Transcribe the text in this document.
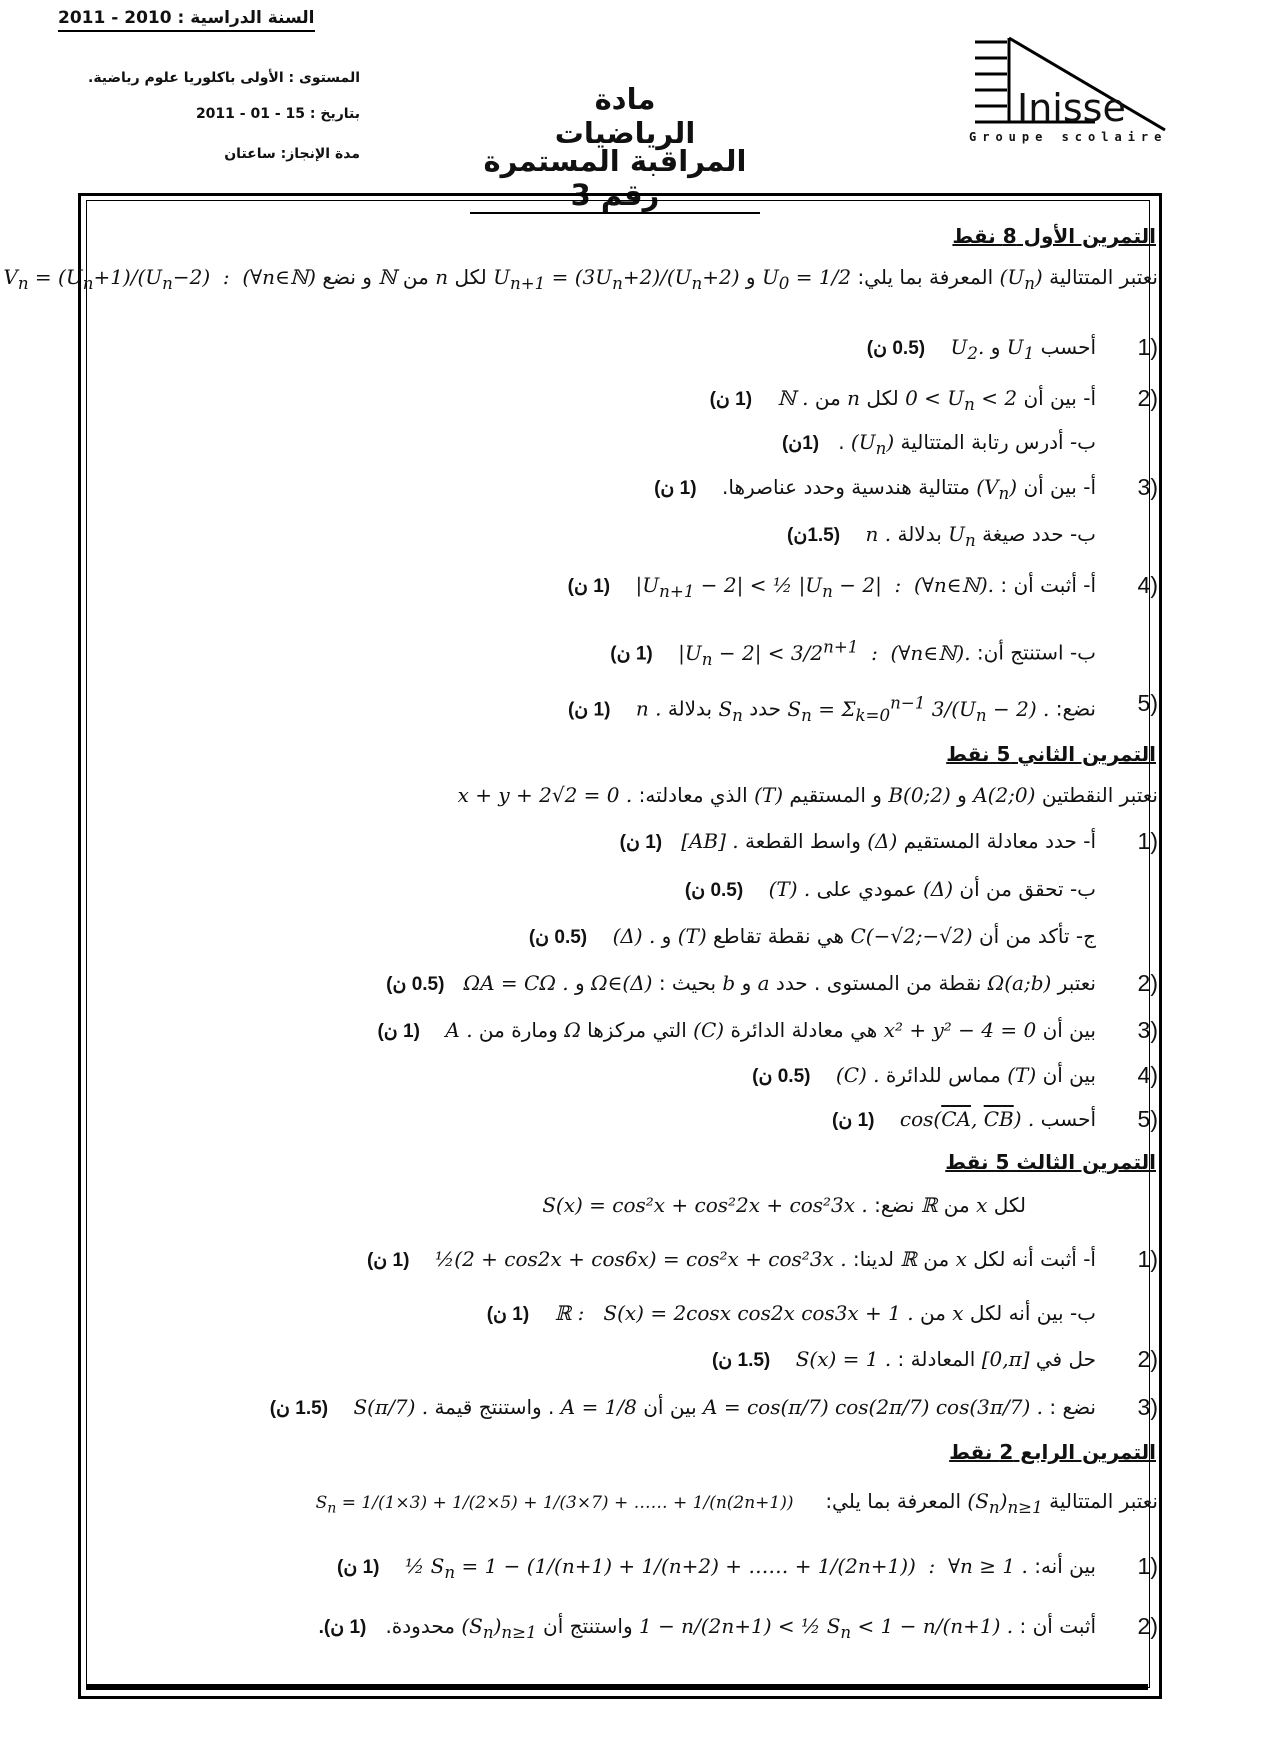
السنة الدراسية : 2010 - 2011
المستوى : الأولى باكلوريا علوم رياضية.
بتاريخ : 15 - 01 - 2011
مدة الإنجاز: ساعتان
مادة الرياضيات
المراقبة المستمرة رقم 3
Inisse
Groupe scolaire
التمرين الأول 8 نقط
نعتبر المتتالية $(U_n)$ المعرفة بما يلي: $U_0 = 1/2$ و $U_{n+1} = (3U_n+2)/(U_n+2)$ لكل n من ℕ و نضع $V_n = (U_n+1)/(U_n-2)$  :  (∀n∈ℕ)
1)
أحسب $U_1$ و $U_2$.    (0.5 ن)
2)
أ- بين أن $0 < U_n < 2$ لكل n من ℕ .    (1 ن)
ب- أدرس رتابة المتتالية $(U_n)$ .   (1ن)
3)
أ- بين أن $(V_n)$ متتالية هندسية وحدد عناصرها.    (1 ن)
ب- حدد صيغة $U_n$ بدلالة n .    (1.5ن)
4)
أ- أثبت أن : $|U_{n+1} - 2|$ < ½ $|U_n - 2|$  :  (∀n∈ℕ).    (1 ن)
ب- استنتج أن: $|U_n - 2| < 3/2^{n+1}$  :  (∀n∈ℕ).    (1 ن)
5)
نضع: $S_n = \Sigma_{k=0}^{n-1}$ $3/(U_n - 2)$ . حدد $S_n$ بدلالة n .    (1 ن)
التمرين الثاني 5 نقط
نعتبر النقطتين A(2;0) و B(0;2) و المستقيم (T) الذي معادلته: x + y + 2√2 = 0 .
1)
أ- حدد معادلة المستقيم (Δ) واسط القطعة [AB] .   (1 ن)
ب- تحقق من أن (Δ) عمودي على (T) .    (0.5 ن)
ج- تأكد من أن C(−√2;−√2) هي نقطة تقاطع (T) و (Δ) .    (0.5 ن)
2)
نعتبر Ω(a;b) نقطة من المستوى . حدد a و b بحيث : Ω∈(Δ) و ΩA = CΩ .   (0.5 ن)
3)
بين أن x² + y² − 4 = 0 هي معادلة الدائرة (C) التي مركزها Ω ومارة من A .    (1 ن)
4)
بين أن (T) مماس للدائرة (C) .    (0.5 ن)
5)
أحسب $\cos(\overline{CA}$, $\overline{CB}$) .    (1 ن)
التمرين الثالث 5 نقط
لكل x من ℝ نضع: S(x) = cos²x + cos²2x + cos²3x .
1)
أ- أثبت أنه لكل x من ℝ لدينا: ½(2 + cos2x + cos6x) = cos²x + cos²3x .    (1 ن)
ب- بين أنه لكل x من ℝ :   S(x) = 2cosx cos2x cos3x + 1 .    (1 ن)
2)
حل في [0,π] المعادلة : S(x) = 1 .    (1.5 ن)
3)
نضع : A = cos(π/7) cos(2π/7) cos(3π/7) . بين أن A = 1/8 . واستنتج قيمة S(π/7) .    (1.5 ن)
التمرين الرابع 2 نقط
نعتبر المتتالية $(S_n)_{n\ge 1}$ المعرفة بما يلي:     $S_n = 1/(1\times 3) + 1/(2\times 5) + 1/(3\times 7)$ + …… + 1/(n(2n+1))
1)
بين أنه: ½ $S_n = 1 - (1/(n+1) + 1/(n+2)$ + …… + 1/(2n+1))  :  ∀n ≥ 1 .    (1 ن)
2)
أثبت أن : 1 − n/(2n+1) < ½ $S_n < 1 - n/(n+1)$ . واستنتج أن $(S_n)_{n\ge 1}$ محدودة.   (1 ن).
